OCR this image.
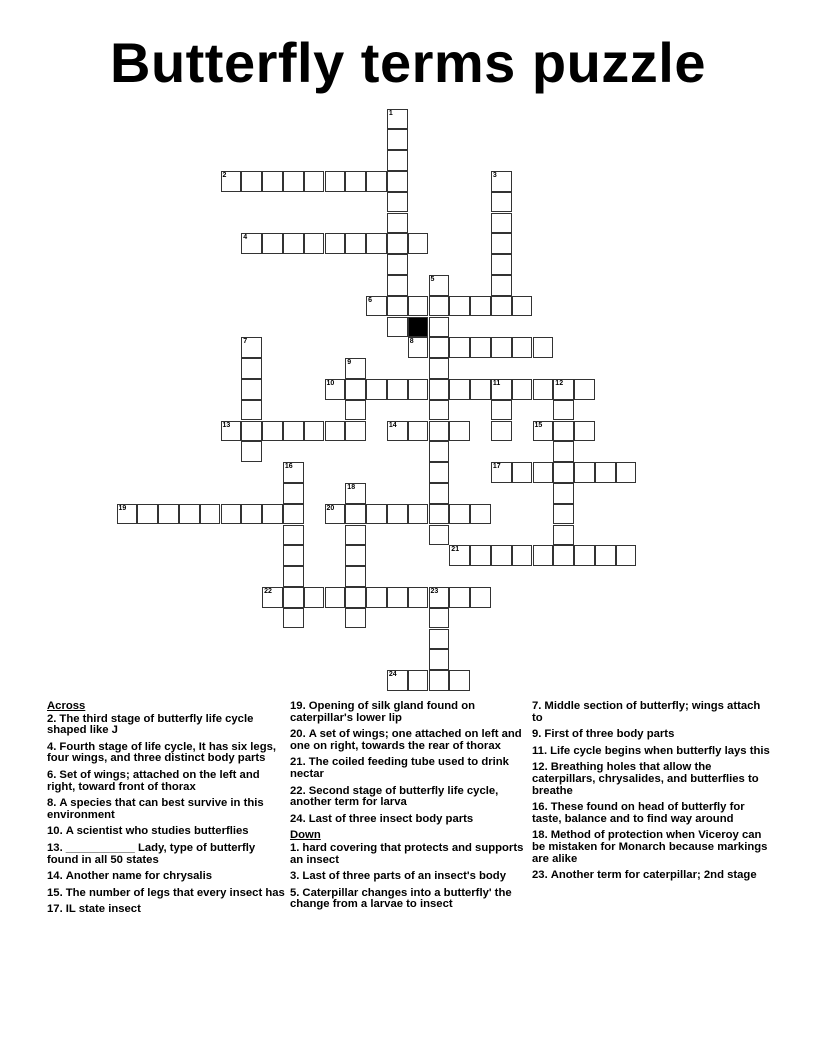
Butterfly terms puzzle
1
2	3
4
5
6
7	8
9
10	11	12
13	14	15
16	17
18
19	20
21
22	23
24
Across
2. The third stage of butterfly life cycle shaped like J
4. Fourth stage of life cycle, It has six legs, four wings, and three distinct body parts
6. Set of wings; attached on the left and right, toward front of thorax
8. A species that can best survive in this environment
10. A scientist who studies butterflies
13. ___________ Lady, type of butterfly found in all 50 states
14. Another name for chrysalis
15. The number of legs that every insect has
17. IL state insect
19. Opening of silk gland found on caterpillar's lower lip
20. A set of wings; one attached on left and one on right, towards the rear of thorax
21. The coiled feeding tube used to drink nectar
22. Second stage of butterfly life cycle, another term for larva
24. Last of three insect body parts
Down
1. hard covering that protects and supports an insect
3. Last of three parts of an insect's body
5. Caterpillar changes into a butterfly' the change from a larvae to insect
7. Middle section of butterfly; wings attach to
9. First of three body parts
11. Life cycle begins when butterfly lays this
12. Breathing holes that allow the caterpillars, chrysalides, and butterflies to breathe
16. These found on head of butterfly for taste, balance and to find way around
18. Method of protection when Viceroy can be mistaken for Monarch because markings are alike
23. Another term for caterpillar; 2nd stage
